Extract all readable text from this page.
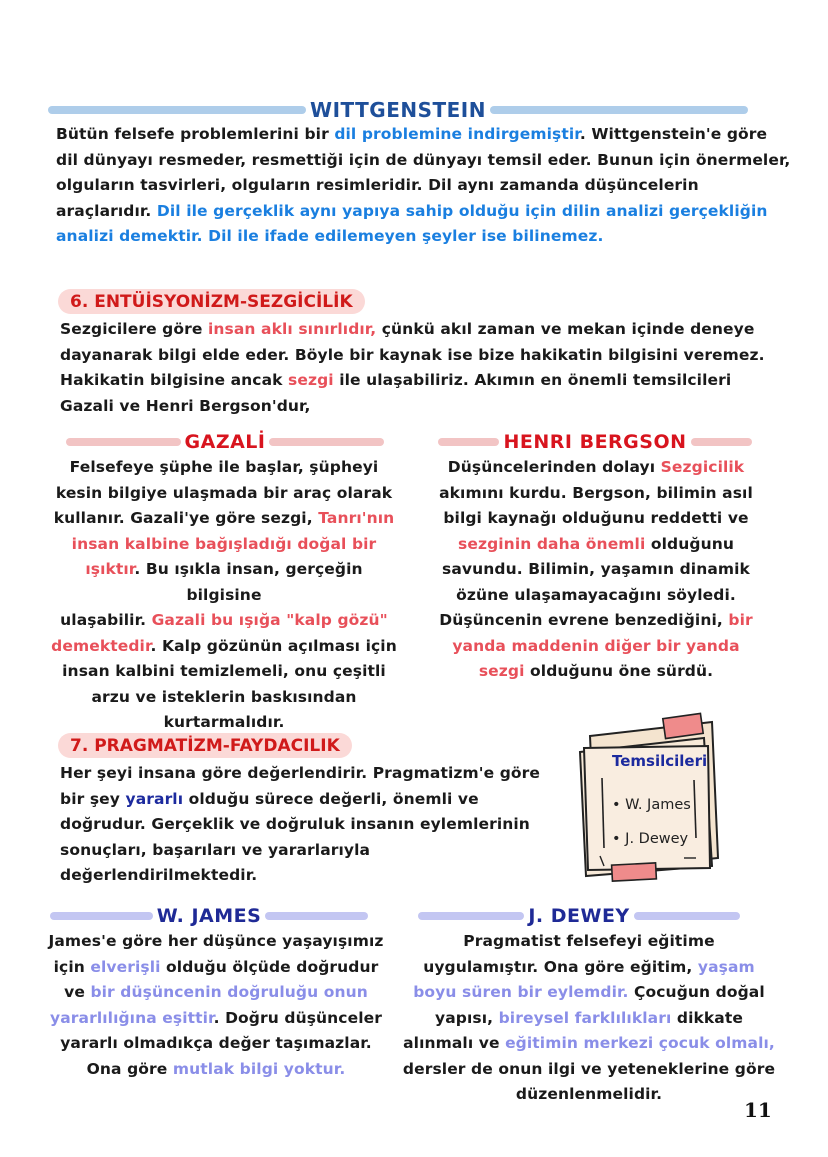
WITTGENSTEIN
Bütün felsefe problemlerini bir dil problemine indirgemiştir. Wittgenstein'e göre
dil dünyayı resmeder, resmettiği için de dünyayı temsil eder. Bunun için önermeler,
olguların tasvirleri, olguların resimleridir. Dil aynı zamanda düşüncelerin
araçlarıdır. Dil ile gerçeklik aynı yapıya sahip olduğu için dilin analizi gerçekliğin
analizi demektir. Dil ile ifade edilemeyen şeyler ise bilinemez.
6. ENTÜİSYONİZM-SEZGİCİLİK
Sezgicilere göre insan aklı sınırlıdır, çünkü akıl zaman ve mekan içinde deneye
dayanarak bilgi elde eder. Böyle bir kaynak ise bize hakikatin bilgisini veremez.
Hakikatin bilgisine ancak sezgi ile ulaşabiliriz. Akımın en önemli temsilcileri
Gazali ve Henri Bergson'dur,
GAZALİ
Felsefeye şüphe ile başlar, şüpheyi
kesin bilgiye ulaşmada bir araç olarak
kullanır. Gazali'ye göre sezgi, Tanrı'nın
insan kalbine bağışladığı doğal bir
ışıktır. Bu ışıkla insan, gerçeğin bilgisine
ulaşabilir. Gazali bu ışığa "kalp gözü"
demektedir. Kalp gözünün açılması için
insan kalbini temizlemeli, onu çeşitli
arzu ve isteklerin baskısından
kurtarmalıdır.
HENRI BERGSON
Düşüncelerinden dolayı Sezgicilik
akımını kurdu. Bergson, bilimin asıl
bilgi kaynağı olduğunu reddetti ve
sezginin daha önemli olduğunu
savundu. Bilimin, yaşamın dinamik
özüne ulaşamayacağını söyledi.
Düşüncenin evrene benzediğini, bir
yanda maddenin diğer bir yanda
sezgi olduğunu öne sürdü.
7. PRAGMATİZM-FAYDACILIK
Her şeyi insana göre değerlendirir. Pragmatizm'e göre
bir şey yararlı olduğu sürece değerli, önemli ve
doğrudur. Gerçeklik ve doğruluk insanın eylemlerinin
sonuçları, başarıları ve yararlarıyla
değerlendirilmektedir.
Temsilcileri
• W. James
• J. Dewey
W. JAMES
James'e göre her düşünce yaşayışımız
için elverişli olduğu ölçüde doğrudur
ve bir düşüncenin doğruluğu onun
yararlılığına eşittir. Doğru düşünceler
yararlı olmadıkça değer taşımazlar.
Ona göre mutlak bilgi yoktur.
J. DEWEY
Pragmatist felsefeyi eğitime
uygulamıştır. Ona göre eğitim, yaşam
boyu süren bir eylemdir. Çocuğun doğal
yapısı, bireysel farklılıkları dikkate
alınmalı ve eğitimin merkezi çocuk olmalı,
dersler de onun ilgi ve yeteneklerine göre
düzenlenmelidir.
11
